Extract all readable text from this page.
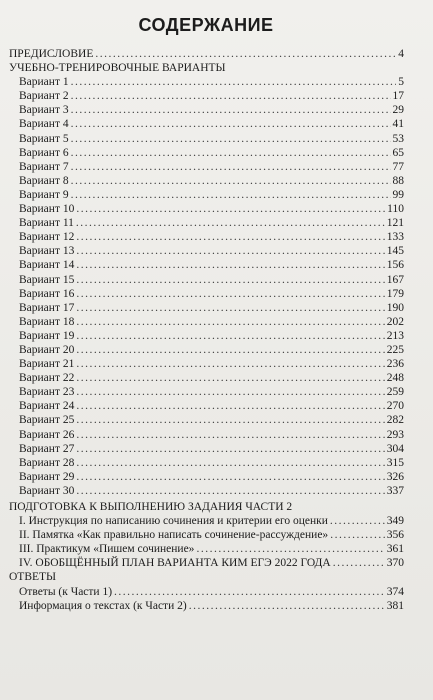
СОДЕРЖАНИЕ
ПРЕДИСЛОВИЕ .....	4
УЧЕБНО-ТРЕНИРОВОЧНЫЕ ВАРИАНТЫ
Вариант 1 .....	5
Вариант 2 .....	17
Вариант 3 .....	29
Вариант 4 .....	41
Вариант 5 .....	53
Вариант 6 .....	65
Вариант 7 .....	77
Вариант 8 .....	88
Вариант 9 .....	99
Вариант 10 .....	110
Вариант 11 .....	121
Вариант 12 .....	133
Вариант 13 .....	145
Вариант 14 .....	156
Вариант 15 .....	167
Вариант 16 .....	179
Вариант 17 .....	190
Вариант 18 .....	202
Вариант 19 .....	213
Вариант 20 .....	225
Вариант 21 .....	236
Вариант 22 .....	248
Вариант 23 .....	259
Вариант 24 .....	270
Вариант 25 .....	282
Вариант 26 .....	293
Вариант 27 .....	304
Вариант 28 .....	315
Вариант 29 .....	326
Вариант 30 .....	337
ПОДГОТОВКА К ВЫПОЛНЕНИЮ ЗАДАНИЯ ЧАСТИ 2
I. Инструкция по написанию сочинения и критерии его оценки .....	349
II. Памятка «Как правильно написать сочинение-рассуждение» .....	356
III. Практикум «Пишем сочинение» .....	361
IV. ОБОБЩЁННЫЙ ПЛАН ВАРИАНТА КИМ ЕГЭ 2022 ГОДА .....	370
ОТВЕТЫ
Ответы (к Части 1) .....	374
Информация о текстах (к Части 2) .....	381
